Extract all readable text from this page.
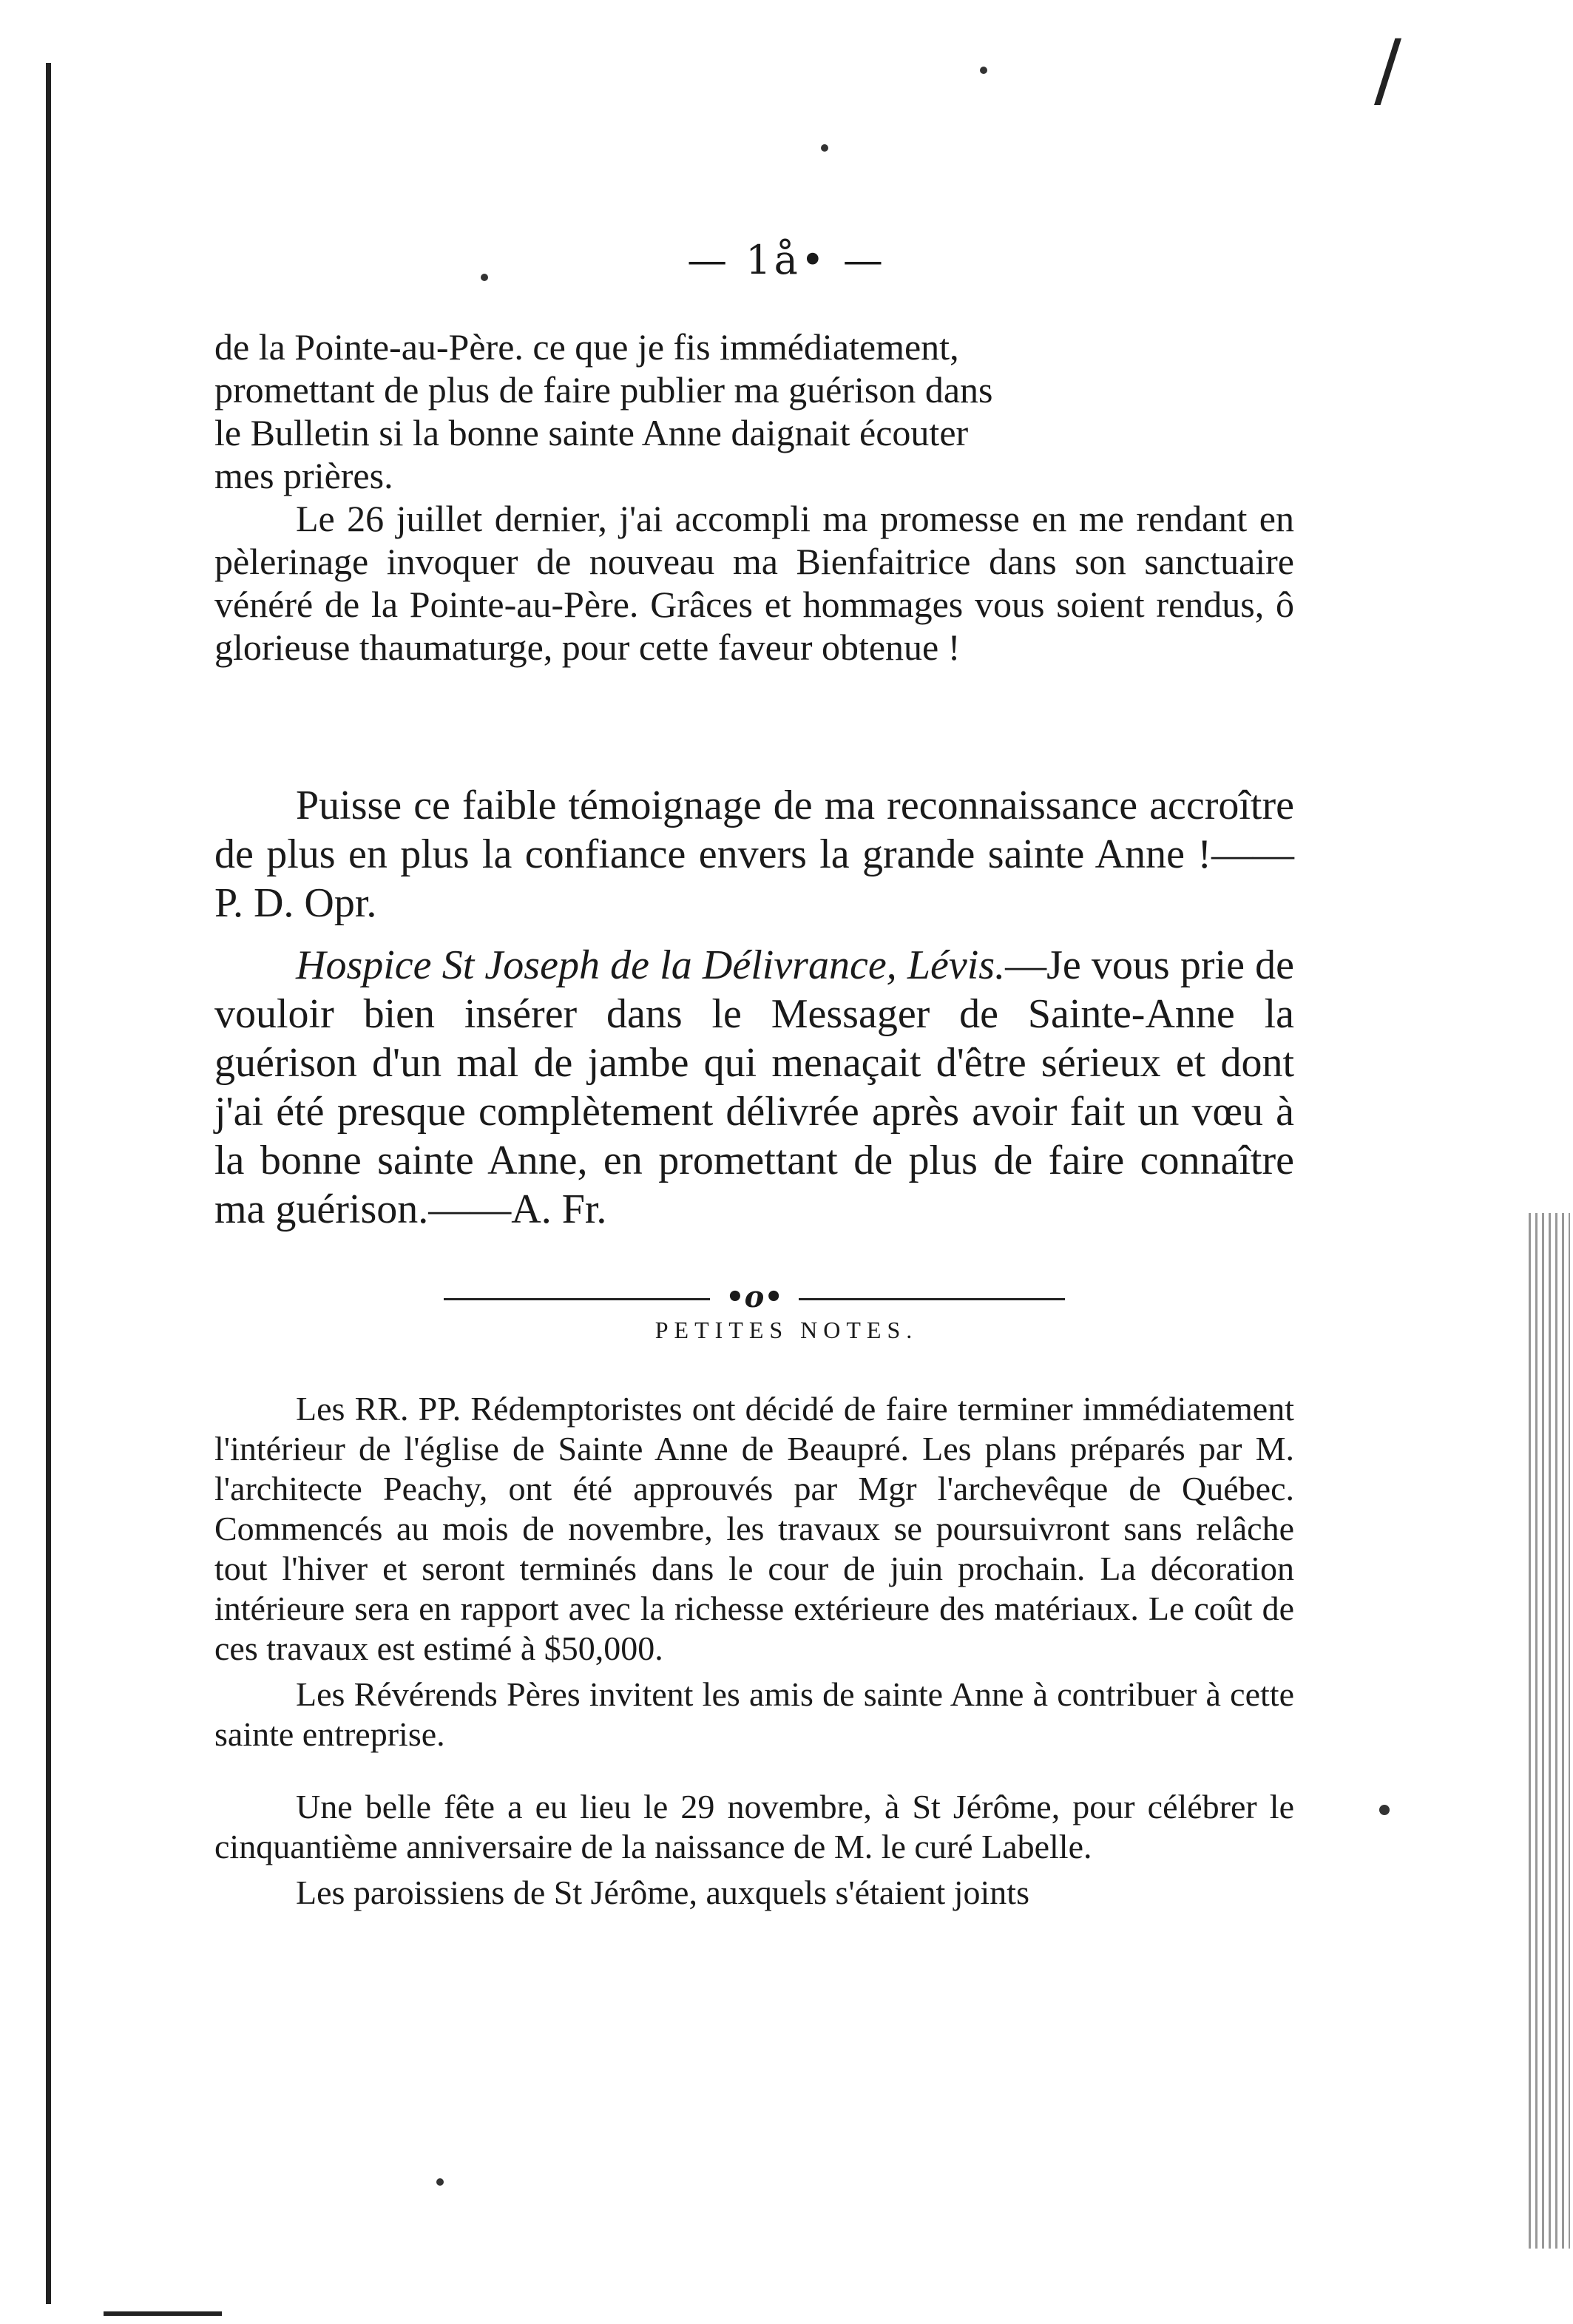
/
— 1å• —

de la Pointe-au-Père. ce que je fis immédiatement,

promettant de plus de faire publier ma guérison dans

le Bulletin si la bonne sainte Anne daignait écouter

mes prières.

Le 26 juillet dernier, j'ai accompli ma promesse en me rendant en pèlerinage invoquer de nouveau ma Bienfaitrice dans son sanctuaire vénéré de la Pointe-au-Père. Grâces et hommages vous soient rendus, ô glorieuse thaumaturge, pour cette faveur obtenue !

Puisse ce faible témoignage de ma reconnaissance accroître de plus en plus la confiance envers la grande sainte Anne !——P. D. Opr.

Hospice St Joseph de la Délivrance, Lévis.—Je vous prie de vouloir bien insérer dans le Messager de Sainte-Anne la guérison d'un mal de jambe qui menaçait d'être sérieux et dont j'ai été presque complètement délivrée après avoir fait un vœu à la bonne sainte Anne, en promettant de plus de faire connaître ma guérison.——A. Fr.

•o•
PETITES NOTES.

Les RR. PP. Rédemptoristes ont décidé de faire terminer immédiatement l'intérieur de l'église de Sainte Anne de Beaupré. Les plans préparés par M. l'architecte Peachy, ont été approuvés par Mgr l'archevêque de Québec. Commencés au mois de novembre, les travaux se poursuivront sans relâche tout l'hiver et seront terminés dans le cour de juin prochain. La décoration intérieure sera en rapport avec la richesse extérieure des matériaux. Le coût de ces travaux est estimé à $50,000.

Les Révérends Pères invitent les amis de sainte Anne à contribuer à cette sainte entreprise.

Une belle fête a eu lieu le 29 novembre, à St Jérôme, pour célébrer le cinquantième anniversaire de la naissance de M. le curé Labelle.

Les paroissiens de St Jérôme, auxquels s'étaient joints
